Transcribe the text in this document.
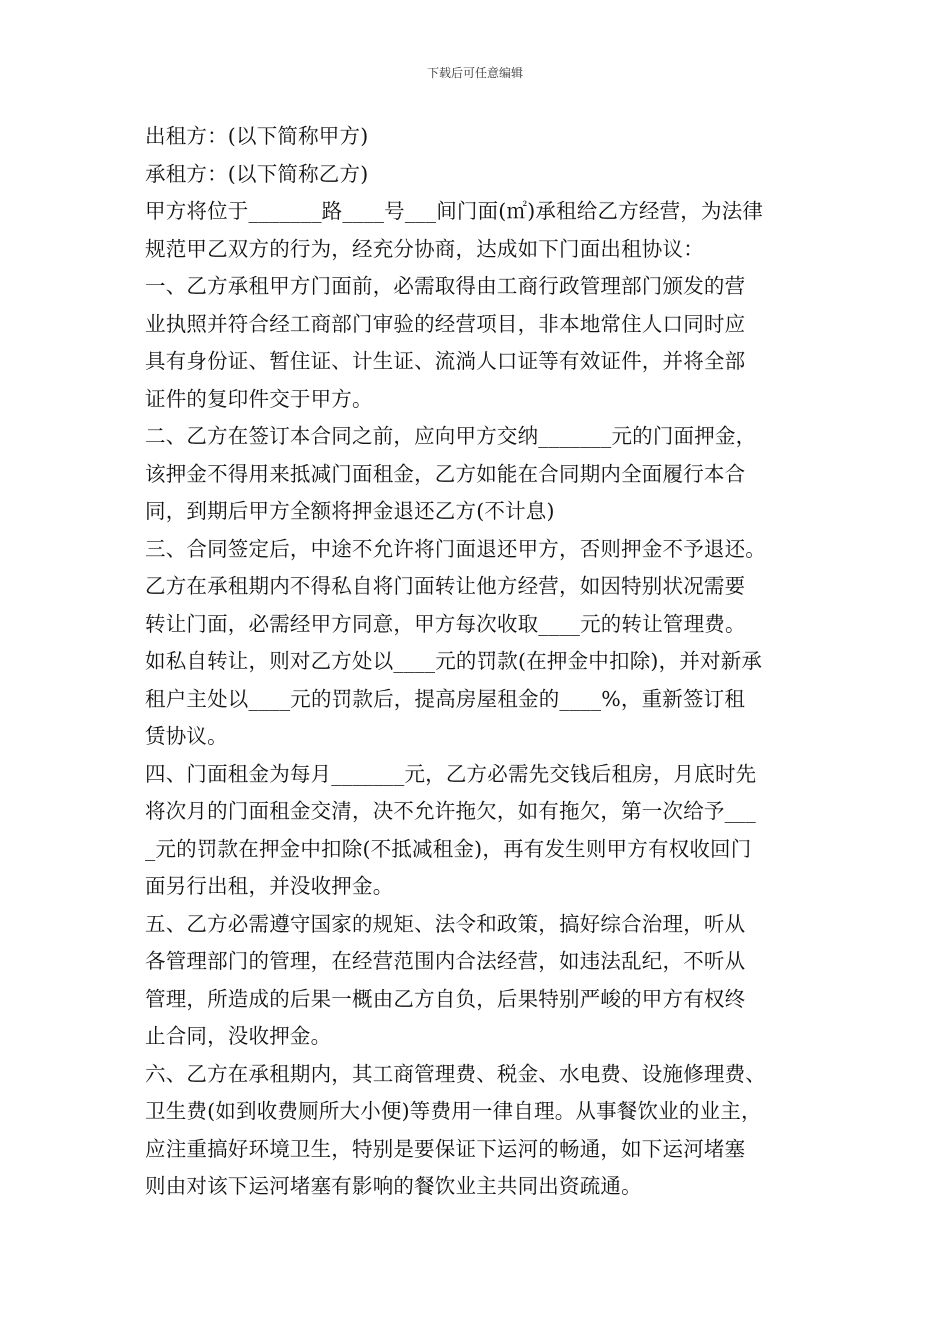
下载后可任意编辑
出租方：(以下简称甲方)
承租方：(以下简称乙方)
甲方将位于_______路____号___间门面(㎡)承租给乙方经营，为法律
规范甲乙双方的行为，经充分协商，达成如下门面出租协议：
一、乙方承租甲方门面前，必需取得由工商行政管理部门颁发的营
业执照并符合经工商部门审验的经营项目，非本地常住人口同时应
具有身份证、暂住证、计生证、流淌人口证等有效证件，并将全部
证件的复印件交于甲方。
二、乙方在签订本合同之前，应向甲方交纳_______元的门面押金，
该押金不得用来抵减门面租金，乙方如能在合同期内全面履行本合
同，到期后甲方全额将押金退还乙方(不计息)
三、合同签定后，中途不允许将门面退还甲方，否则押金不予退还。
乙方在承租期内不得私自将门面转让他方经营，如因特别状况需要
转让门面，必需经甲方同意，甲方每次收取____元的转让管理费。
如私自转让，则对乙方处以____元的罚款(在押金中扣除)，并对新承
租户主处以____元的罚款后，提高房屋租金的____%，重新签订租
赁协议。
四、门面租金为每月_______元，乙方必需先交钱后租房，月底时先
将次月的门面租金交清，决不允许拖欠，如有拖欠，第一次给予___
_元的罚款在押金中扣除(不抵减租金)，再有发生则甲方有权收回门
面另行出租，并没收押金。
五、乙方必需遵守国家的规矩、法令和政策，搞好综合治理，听从
各管理部门的管理，在经营范围内合法经营，如违法乱纪，不听从
管理，所造成的后果一概由乙方自负，后果特别严峻的甲方有权终
止合同，没收押金。
六、乙方在承租期内，其工商管理费、税金、水电费、设施修理费、
卫生费(如到收费厕所大小便)等费用一律自理。从事餐饮业的业主，
应注重搞好环境卫生，特别是要保证下运河的畅通，如下运河堵塞
则由对该下运河堵塞有影响的餐饮业主共同出资疏通。
